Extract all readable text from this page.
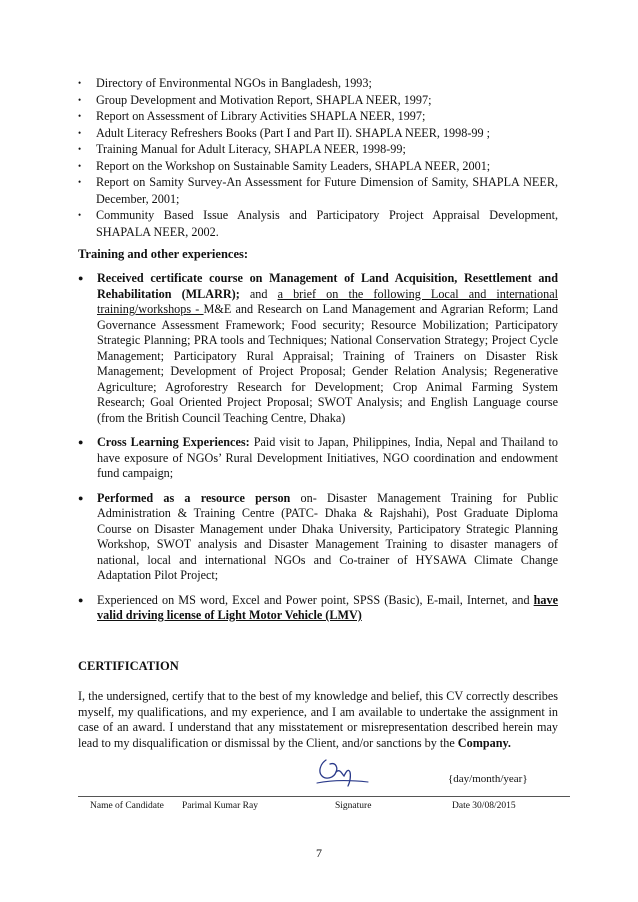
• Directory of Environmental NGOs in Bangladesh, 1993;
• Group Development and Motivation Report, SHAPLA NEER, 1997;
• Report on Assessment of Library Activities SHAPLA NEER, 1997;
• Adult Literacy Refreshers Books (Part I and Part II). SHAPLA NEER, 1998-99 ;
• Training Manual for Adult Literacy, SHAPLA NEER, 1998-99;
• Report on the Workshop on Sustainable Samity Leaders, SHAPLA NEER, 2001;
• Report on Samity Survey-An Assessment for Future Dimension of Samity, SHAPLA NEER, December, 2001;
• Community Based Issue Analysis and Participatory Project Appraisal Development, SHAPALA NEER, 2002.
Training and other experiences:
● Received certificate course on Management of Land Acquisition, Resettlement and Rehabilitation (MLARR); and a brief on the following Local and international training/workshops - M&E and Research on Land Management and Agrarian Reform; Land Governance Assessment Framework; Food security; Resource Mobilization; Participatory Strategic Planning; PRA tools and Techniques; National Conservation Strategy; Project Cycle Management; Participatory Rural Appraisal; Training of Trainers on Disaster Risk Management; Development of Project Proposal; Gender Relation Analysis; Regenerative Agriculture; Agroforestry Research for Development; Crop Animal Farming System Research; Goal Oriented Project Proposal; SWOT Analysis; and English Language course (from the British Council Teaching Centre, Dhaka)
● Cross Learning Experiences: Paid visit to Japan, Philippines, India, Nepal and Thailand to have exposure of NGOs’ Rural Development Initiatives, NGO coordination and endowment fund campaign;
● Performed as a resource person on- Disaster Management Training for Public Administration & Training Centre (PATC- Dhaka & Rajshahi), Post Graduate Diploma Course on Disaster Management under Dhaka University, Participatory Strategic Planning Workshop, SWOT analysis and Disaster Management Training to disaster managers of national, local and international NGOs and Co-trainer of HYSAWA Climate Change Adaptation Pilot Project;
● Experienced on MS word, Excel and Power point, SPSS (Basic), E-mail, Internet, and have valid driving license of Light Motor Vehicle (LMV)
CERTIFICATION

I, the undersigned, certify that to the best of my knowledge and belief, this CV correctly describes myself, my qualifications, and my experience, and I am available to undertake the assignment in case of an award. I understand that any misstatement or misrepresentation described herein may lead to my disqualification or dismissal by the Client, and/or sanctions by the Company.

{day/month/year}
Name of Candidate Parimal Kumar Ray	Signature	Date 30/08/2015
7
